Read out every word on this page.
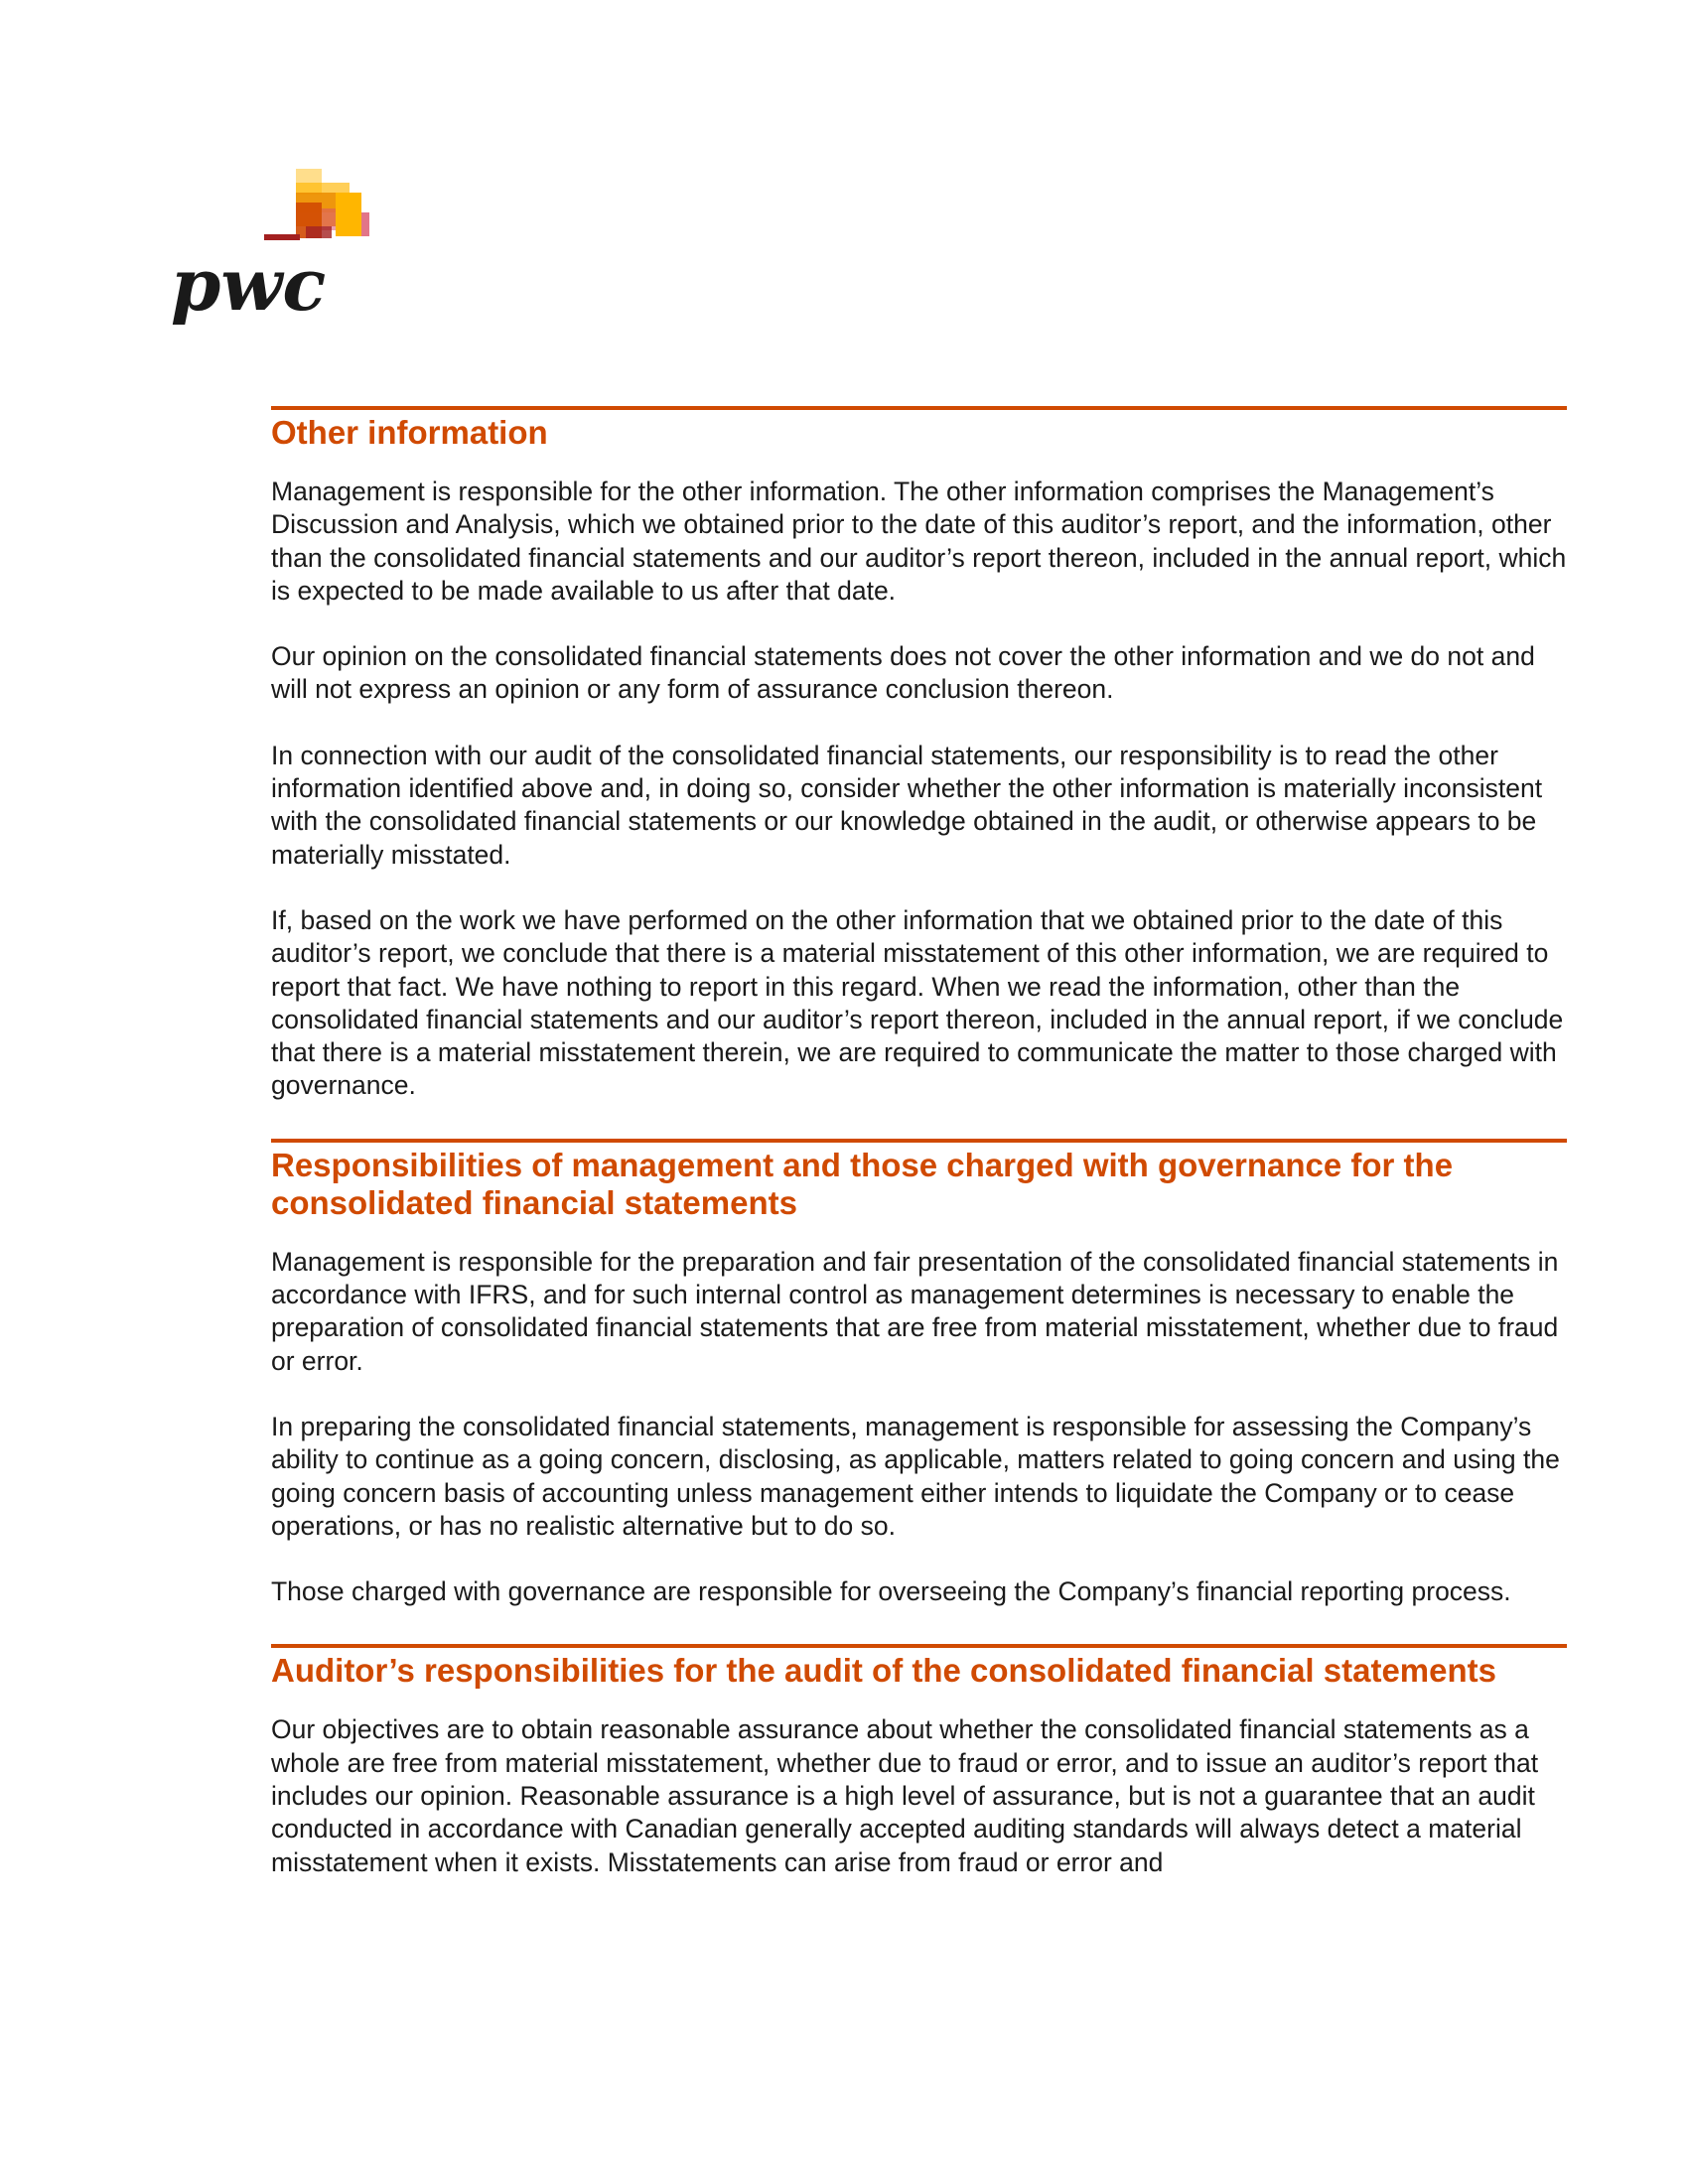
pwc
Other information

Management is responsible for the other information. The other information comprises the Management’s Discussion and Analysis, which we obtained prior to the date of this auditor’s report, and the information, other than the consolidated financial statements and our auditor’s report thereon, included in the annual report, which is expected to be made available to us after that date.

Our opinion on the consolidated financial statements does not cover the other information and we do not and will not express an opinion or any form of assurance conclusion thereon.

In connection with our audit of the consolidated financial statements, our responsibility is to read the other information identified above and, in doing so, consider whether the other information is materially inconsistent with the consolidated financial statements or our knowledge obtained in the audit, or otherwise appears to be materially misstated.

If, based on the work we have performed on the other information that we obtained prior to the date of this auditor’s report, we conclude that there is a material misstatement of this other information, we are required to report that fact. We have nothing to report in this regard. When we read the information, other than the consolidated financial statements and our auditor’s report thereon, included in the annual report, if we conclude that there is a material misstatement therein, we are required to communicate the matter to those charged with governance.

Responsibilities of management and those charged with governance for the consolidated financial statements

Management is responsible for the preparation and fair presentation of the consolidated financial statements in accordance with IFRS, and for such internal control as management determines is necessary to enable the preparation of consolidated financial statements that are free from material misstatement, whether due to fraud or error.

In preparing the consolidated financial statements, management is responsible for assessing the Company’s ability to continue as a going concern, disclosing, as applicable, matters related to going concern and using the going concern basis of accounting unless management either intends to liquidate the Company or to cease operations, or has no realistic alternative but to do so.

Those charged with governance are responsible for overseeing the Company’s financial reporting process.

Auditor’s responsibilities for the audit of the consolidated financial statements

Our objectives are to obtain reasonable assurance about whether the consolidated financial statements as a whole are free from material misstatement, whether due to fraud or error, and to issue an auditor’s report that includes our opinion. Reasonable assurance is a high level of assurance, but is not a guarantee that an audit conducted in accordance with Canadian generally accepted auditing standards will always detect a material misstatement when it exists. Misstatements can arise from fraud or error and
